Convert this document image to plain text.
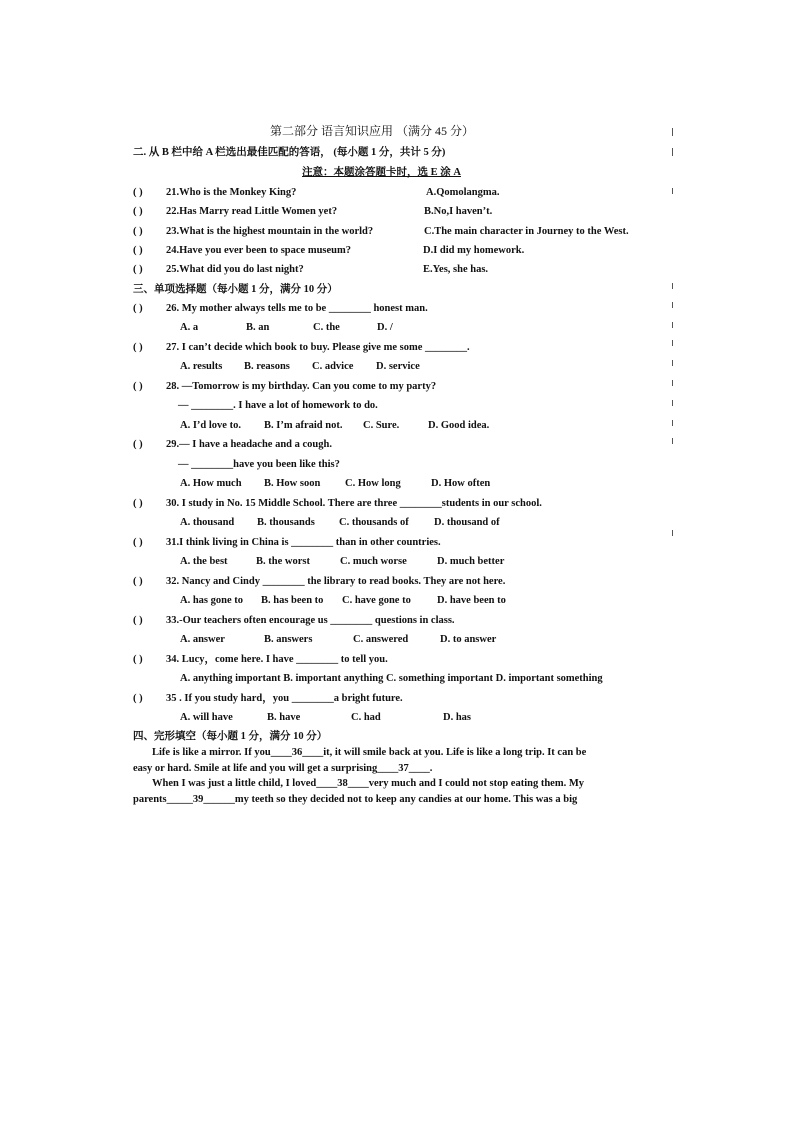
第二部分 语言知识应用 （满分 45 分）
二. 从 B 栏中给 A 栏选出最佳匹配的答语， (每小题 1 分，共计 5 分)
注意：本题涂答题卡时，选 E 涂 A
( ) 21.Who is the Monkey King?	A.Qomolangma.
( ) 22.Has Marry read Little Women yet?	B.No,I haven’t.
( ) 23.What is the highest mountain in the world?	C.The main character in Journey to the West.
( ) 24.Have you ever been to space museum?	D.I did my homework.
( ) 25.What did you do last night?	E.Yes, she has.
三、单项选择题（每小题 1 分，满分 10 分）
( ) 26. My mother always tells me to be ________ honest man.
A. a	B. an	C. the	D. /
( ) 27. I can’t decide which book to buy. Please give me some ________.
A. results B. reasons C. advice D. service
( ) 28. —Tomorrow is my birthday. Can you come to my party?
— ________. I have a lot of homework to do.
A. I’d love to. B. I’m afraid not. C. Sure.	D. Good idea.
( ) 29.— I have a headache and a cough.
— ________have you been like this?
A. How much B. How soon C. How long	D. How often
( ) 30. I study in No. 15 Middle School. There are three ________students in our school.
A. thousand B. thousands C. thousands of D. thousand of
( ) 31.I think living in China is ________ than in other countries.
A. the best	B. the worst	C. much worse	D. much better
( ) 32. Nancy and Cindy ________ the library to read books. They are not here.
A. has gone to B. has been to C. have gone to D. have been to
( ) 33.-Our teachers often encourage us ________ questions in class.
A. answer	B. answers	C. answered	D. to answer
( ) 34. Lucy，come here. I have ________ to tell you.
A. anything important B. important anything C. something important D. important something
( ) 35 . If you study hard，you ________a bright future.
A. will have	B. have	C. had	D. has
四、完形填空（每小题 1 分，满分 10 分）
Life is like a mirror. If you____36____it, it will smile back at you. Life is like a long trip. It can be
easy or hard. Smile at life and you will get a surprising____37____.
When I was just a little child, I loved____38____very much and I could not stop eating them. My
parents_____39______my teeth so they decided not to keep any candies at our home. This was a big
